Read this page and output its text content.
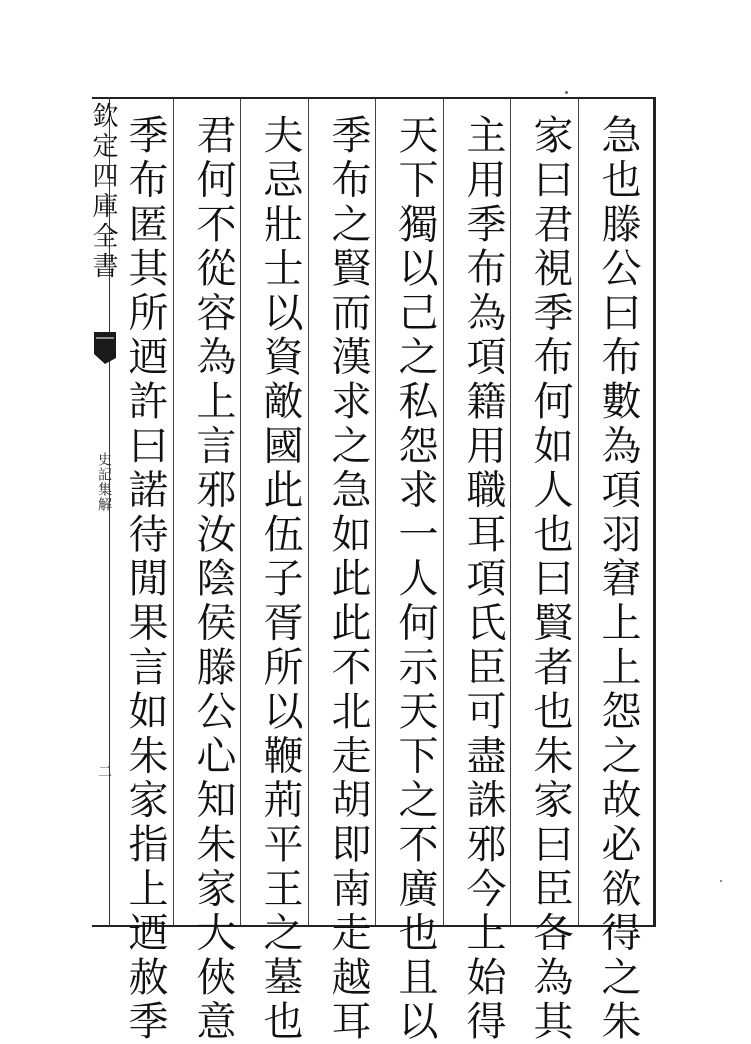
欽定四庫全書
史記集解
二	急也滕公曰布數為項羽窘上上怨之故必欲得之朱
家曰君視季布何如人也曰賢者也朱家曰臣各為其
主用季布為項籍用職耳項氏臣可盡誅邪今上始得
天下獨以己之私怨求一人何示天下之不廣也且以
季布之賢而漢求之急如此此不北走胡即南走越耳
夫忌壯士以資敵國此伍子胥所以鞭荊平王之墓也
君何不從容為上言邪汝陰侯滕公心知朱家大俠意
季布匿其所迺許曰諾待閒果言如朱家指上迺赦季
